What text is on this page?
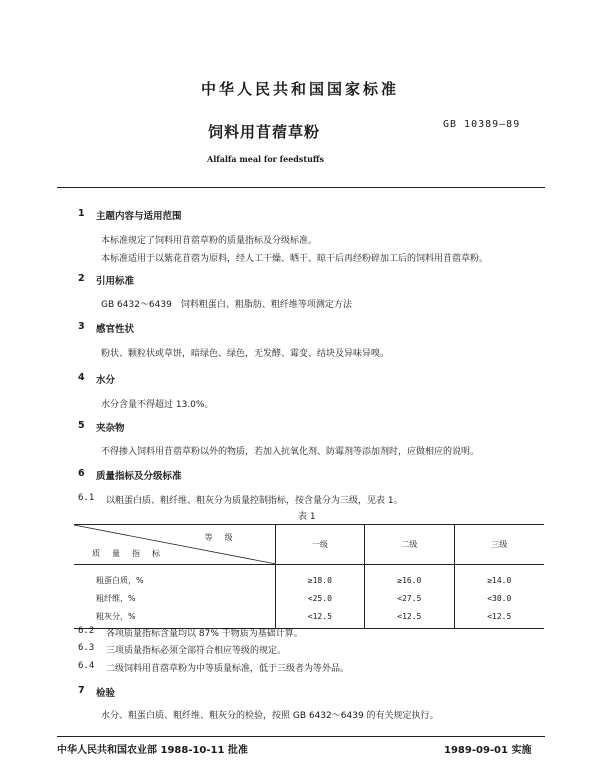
中华人民共和国国家标准
饲料用苜蓿草粉	GB 10389—89
Alfalfa meal for feedstuffs
1 主题内容与适用范围
本标准规定了饲料用苜蓿草粉的质量指标及分级标准。
本标准适用于以紫花苜蓿为原料，经人工干燥、晒干、晾干后再经粉碎加工后的饲料用苜蓿草粉。
2 引用标准
GB 6432～6439　饲料粗蛋白、粗脂肪、粗纤维等项测定方法
3 感官性状
粉状、颗粒状或草饼，暗绿色、绿色，无发酵、霉变、结块及异味异嗅。
4 水分
水分含量不得超过 13.0%。
5 夹杂物
不得掺入饲料用苜蓿草粉以外的物质，若加入抗氧化剂、防霉剂等添加剂时，应做相应的说明。
6 质量指标及分级标准
6.1 以粗蛋白质、粗纤维、粗灰分为质量控制指标，按含量分为三级，见表 1。
表 1
等　级
质　量　指　标	一级	二级	三级
粗蛋白质，%	≥18.0	≥16.0	≥14.0
粗纤维，%	<25.0	<27.5	<30.0
粗灰分，%	<12.5	<12.5	<12.5
6.2 各项质量指标含量均以 87% 干物质为基础计算。
6.3 三项质量指标必须全部符合相应等级的规定。
6.4 二级饲料用苜蓿草粉为中等质量标准，低于三级者为等外品。
7 检验
水分、粗蛋白质、粗纤维、粗灰分的检验，按照 GB 6432～6439 的有关规定执行。
中华人民共和国农业部 1988-10-11 批准	1989-09-01 实施
